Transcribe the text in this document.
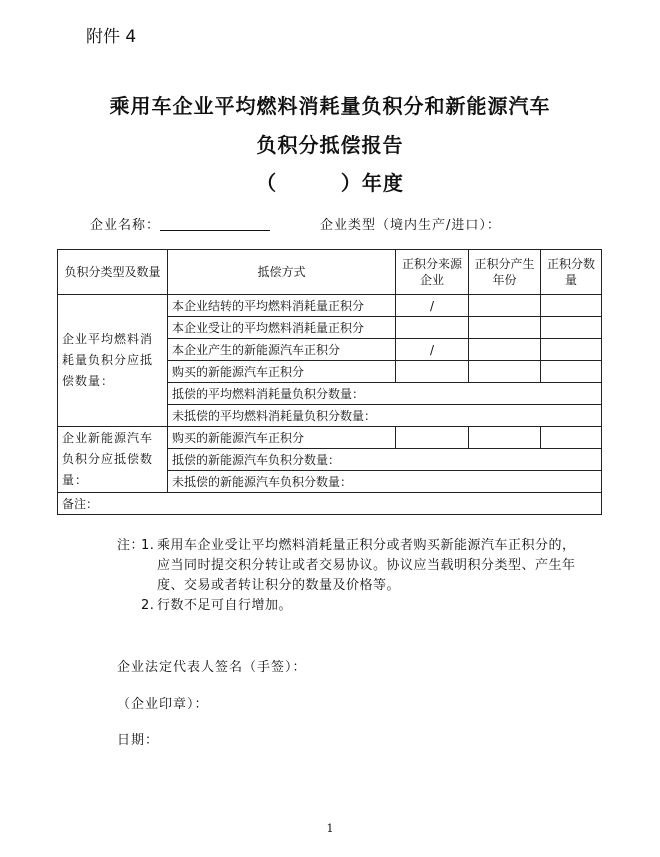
附件 4
乘用车企业平均燃料消耗量负积分和新能源汽车
负积分抵偿报告
（        ）年度
企业名称：	企业类型（境内生产/进口）：
负积分类型及数量	抵偿方式	正积分来源企业	正积分产生年份	正积分数量
企业平均燃料消耗量负积分应抵偿数量：	本企业结转的平均燃料消耗量正积分	/		
	本企业受让的平均燃料消耗量正积分			
	本企业产生的新能源汽车正积分	/		
	购买的新能源汽车正积分			
	抵偿的平均燃料消耗量负积分数量：			
	未抵偿的平均燃料消耗量负积分数量：			
企业新能源汽车负积分应抵偿数量：	购买的新能源汽车正积分			
	抵偿的新能源汽车负积分数量：			
	未抵偿的新能源汽车负积分数量：			
备注：				
注：
1. 乘用车企业受让平均燃料消耗量正积分或者购买新能源汽车正积分的，应当同时提交积分转让或者交易协议。协议应当载明积分类型、产生年度、交易或者转让积分的数量及价格等。
2. 行数不足可自行增加。
企业法定代表人签名（手签）：
（企业印章）：
日期：
1
